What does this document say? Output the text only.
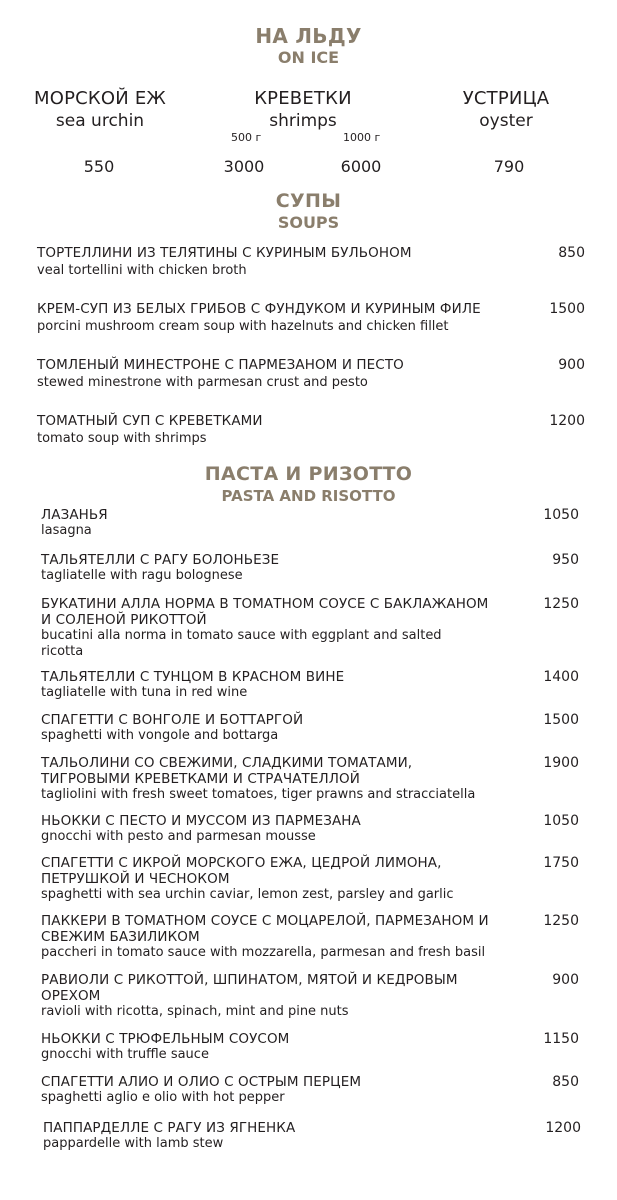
НА ЛЬДУ
ON ICE
МОРСКОЙ ЕЖ
sea urchin
КРЕВЕТКИ
shrimps
УСТРИЦА
oyster
500 г	1000 г
550	3000	6000	790
СУПЫ
SOUPS
ТОРТЕЛЛИНИ ИЗ ТЕЛЯТИНЫ С КУРИНЫМ БУЛЬОНОМ
veal tortellini with chicken broth
850
КРЕМ-СУП ИЗ БЕЛЫХ ГРИБОВ С ФУНДУКОМ И КУРИНЫМ ФИЛЕ
porcini mushroom cream soup with hazelnuts and chicken fillet
1500
ТОМЛЕНЫЙ МИНЕСТРОНЕ С ПАРМЕЗАНОМ И ПЕСТО
stewed minestrone with parmesan crust and pesto
900
ТОМАТНЫЙ СУП С КРЕВЕТКАМИ
tomato soup with shrimps
1200
ПАСТА И РИЗОТТО
PASTA AND RISOTTO
ЛАЗАНЬЯ
lasagna
1050
ТАЛЬЯТЕЛЛИ С РАГУ БОЛОНЬЕЗЕ
tagliatelle with ragu bolognese
950
БУКАТИНИ АЛЛА НОРМА В ТОМАТНОМ СОУСЕ С БАКЛАЖАНОМ
И СОЛЕНОЙ РИКОТТОЙ
bucatini alla norma in tomato sauce with eggplant and salted
ricotta
1250
ТАЛЬЯТЕЛЛИ С ТУНЦОМ В КРАСНОМ ВИНЕ
tagliatelle with tuna in red wine
1400
СПАГЕТТИ С ВОНГОЛЕ И БОТТАРГОЙ
spaghetti with vongole and bottarga
1500
ТАЛЬОЛИНИ СО СВЕЖИМИ, СЛАДКИМИ ТОМАТАМИ,
ТИГРОВЫМИ КРЕВЕТКАМИ И СТРАЧАТЕЛЛОЙ
tagliolini with fresh sweet tomatoes, tiger prawns and stracciatella
1900
НЬОККИ С ПЕСТО И МУССОМ ИЗ ПАРМЕЗАНА
gnocchi with pesto and parmesan mousse
1050
СПАГЕТТИ С ИКРОЙ МОРСКОГО ЕЖА, ЦЕДРОЙ ЛИМОНА,
ПЕТРУШКОЙ И ЧЕСНОКОМ
spaghetti with sea urchin caviar, lemon zest, parsley and garlic
1750
ПАККЕРИ В ТОМАТНОМ СОУСЕ С МОЦАРЕЛОЙ, ПАРМЕЗАНОМ И
СВЕЖИМ БАЗИЛИКОМ
paccheri in tomato sauce with mozzarella, parmesan and fresh basil
1250
РАВИОЛИ С РИКОТТОЙ, ШПИНАТОМ, МЯТОЙ И КЕДРОВЫМ
ОРЕХОМ
ravioli with ricotta, spinach, mint and pine nuts
900
НЬОККИ С ТРЮФЕЛЬНЫМ СОУСОМ
gnocchi with truffle sauce
1150
СПАГЕТТИ АЛИО И ОЛИО С ОСТРЫМ ПЕРЦЕМ
spaghetti aglio e olio with hot pepper
850
ПАППАРДЕЛЛЕ С РАГУ ИЗ ЯГНЕНКА
pappardelle with lamb stew
1200
